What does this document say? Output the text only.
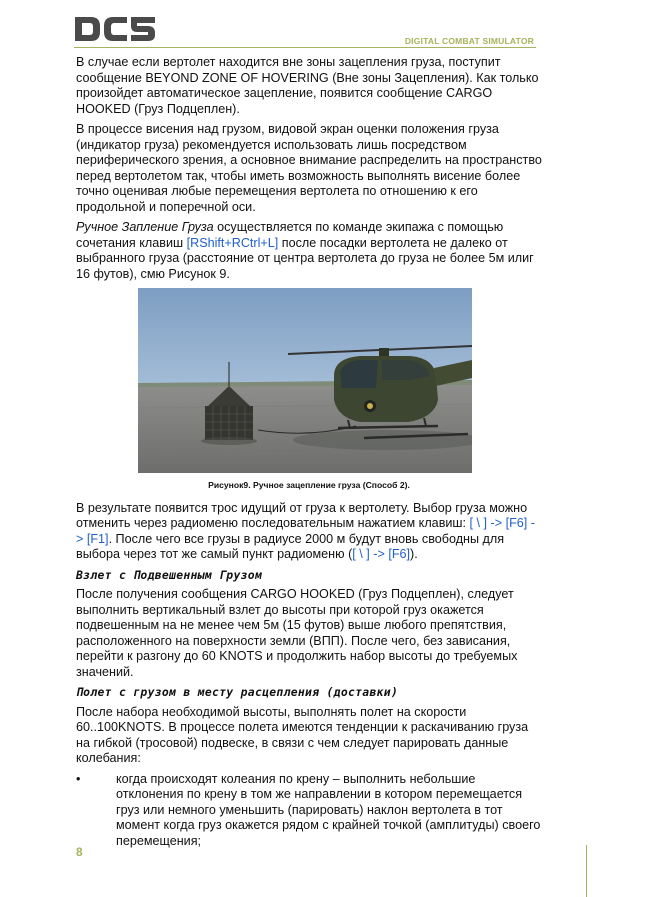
DIGITAL COMBAT SIMULATOR

В случае если вертолет находится вне зоны зацепления груза, поступит сообщение BEYOND ZONE OF HOVERING (Вне зоны Зацепления). Как только произойдет автоматическое зацепление, появится сообщение CARGO HOOKED (Груз Подцеплен).

В процессе висения над грузом, видовой экран оценки положения груза (индикатор груза) рекомендуется использовать лишь посредством периферического зрения, а основное внимание распределить на пространство перед вертолетом так, чтобы иметь возможность выполнять висение более точно оценивая любые перемещения вертолета по отношению к его продольной и поперечной оси.

Ручное Запление Груза осуществляется по команде экипажа с помощью сочетания клавиш [RShift+RCtrl+L] после посадки вертолета не далеко от выбранного груза (расстояние от центра вертолета до груза не более 5м илиг 16 футов), смю Рисунок 9.

Рисунок9. Ручное зацепление груза (Способ 2).

В результате появится трос идущий от груза к вертолету. Выбор груза можно отменить через радиоменю последовательным нажатием клавиш: [ \ ] -> [F6] -> [F1]. После чего все грузы в радиусе 2000 м будут вновь свободны для выбора через тот же самый пункт радиоменю ([ \ ] -> [F6]).

Взлет с Подвешенным Грузом

После получения сообщения CARGO HOOKED (Груз Подцеплен), следует выполнить вертикальный взлет до высоты при которой груз окажется подвешенным на не менее чем 5м (15 футов) выше любого препятствия, расположенного на поверхности земли (ВПП). После чего, без зависания, перейти к разгону до 60 KNOTS и продолжить набор высоты до требуемых значений.

Полет с грузом в месту расцепления (доставки)

После набора необходимой высоты, выполнять полет на скорости 60..100KNOTS. В процессе полета имеются тенденции к раскачиванию груза на гибкой (тросовой) подвеске, в связи с чем следует парировать данные колебания:

•	когда происходят колеания по крену – выполнить небольшие отклонения по крену в том же направлении в котором перемещается груз или немного уменьшить (парировать) наклон вертолета в тот момент когда груз окажется рядом с крайней точкой (амплитуды) своего перемещения;
8
